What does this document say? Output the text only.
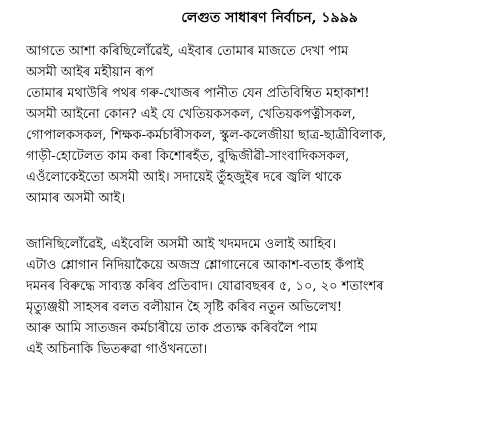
লেগুত সাধাৰণ নিৰ্বাচন, ১৯৯৯
আগতে আশা কৰিছিলোঁৱেই, এইবাৰ তোমাৰ মাজতে দেখা পাম
অসমী আইৰ মহীয়ান ৰূপ
তোমাৰ মথাউৰি পথৰ গৰু-খোজৰ পানীত যেন প্ৰতিবিম্বিত মহাকাশ!
অসমী আইনো কোন? এই যে খেতিয়কসকল, খেতিয়কপত্নীসকল,
গোপালকসকল, শিক্ষক-কৰ্মচাৰীসকল, স্কুল-কলেজীয়া ছাত্ৰ-ছাত্ৰীবিলাক,
গাড়ী-হোটেলত কাম কৰা কিশোৰহঁত, বুদ্ধিজীৱী-সাংবাদিকসকল,
এওঁলোকেইতো অসমী আই। সদায়েই তুঁহজুইৰ দৰে জ্বলি থাকে
আমাৰ অসমী আই।
জানিছিলোঁৱেই, এইবেলি অসমী আই খদমদমে ওলাই আহিব।
এটাও শ্লোগান নিদিয়াকৈয়ে অজস্ৰ শ্লোগানেৰে আকাশ-বতাহ কঁপাই
দমনৰ বিৰুদ্ধে সাব্যস্ত কৰিব প্ৰতিবাদ। যোৱাবছৰৰ ৫, ১০, ২০ শতাংশৰ
মৃত্যুঞ্জয়ী সাহসৰ বলত বলীয়ান হৈ সৃষ্টি কৰিব নতুন অভিলেখ!
আৰু আমি সাতজন কৰ্মচাৰীয়ে তাক প্ৰত্যক্ষ কৰিবলৈ পাম
এই অচিনাকি ভিতৰুৱা গাওঁখনতো।
